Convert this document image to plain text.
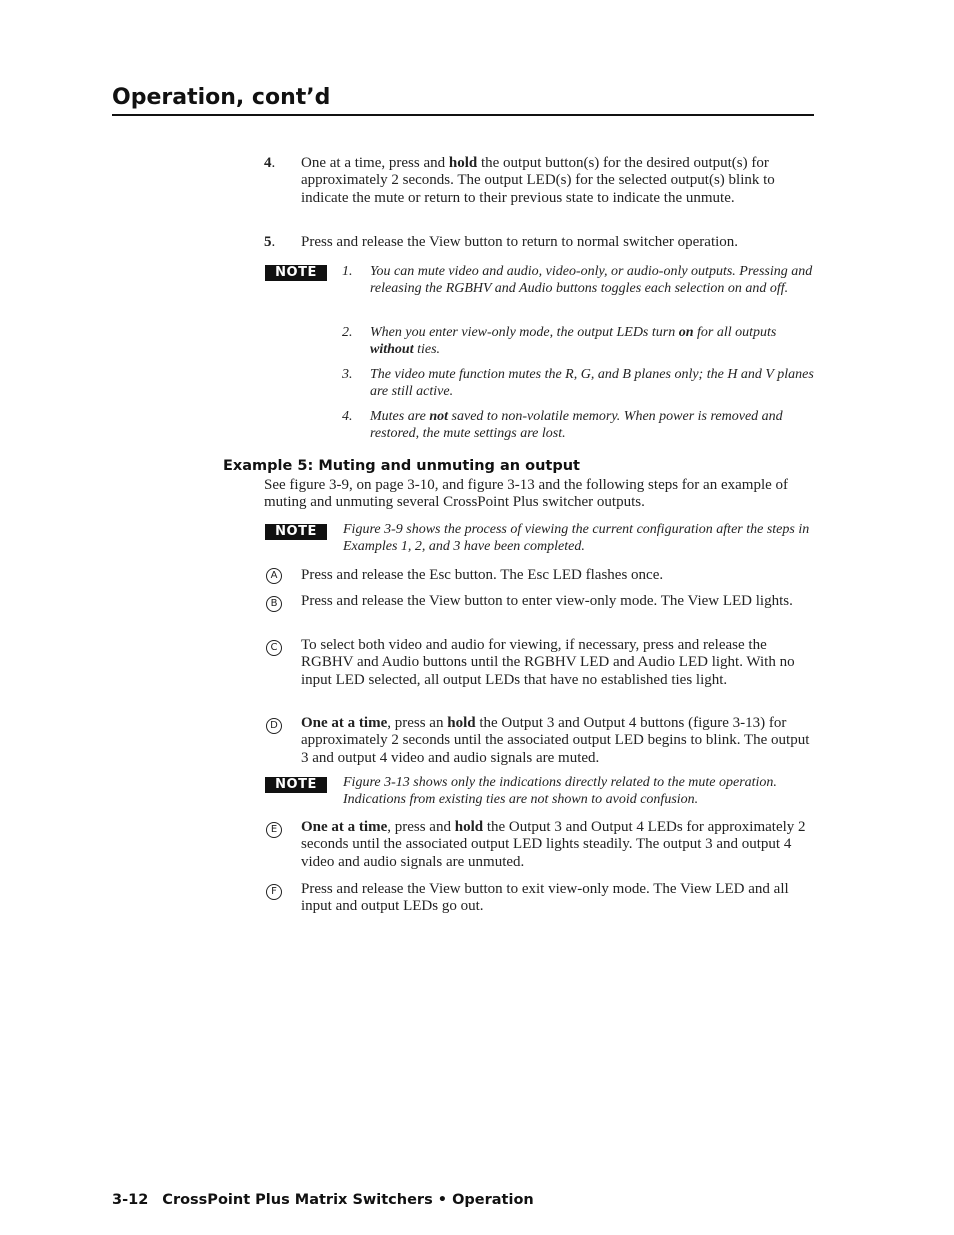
Operation, cont’d
4. One at a time, press and hold the output button(s) for the desired output(s) for approximately 2 seconds. The output LED(s) for the selected output(s) blink to indicate the mute or return to their previous state to indicate the unmute.
5. Press and release the View button to return to normal switcher operation.
NOTE	1. You can mute video and audio, video-only, or audio-only outputs. Pressing and releasing the RGBHV and Audio buttons toggles each selection on and off.
2. When you enter view-only mode, the output LEDs turn on for all outputs without ties.
3. The video mute function mutes the R, G, and B planes only; the H and V planes are still active.
4. Mutes are not saved to non-volatile memory. When power is removed and restored, the mute settings are lost.
Example 5: Muting and unmuting an output
See figure 3-9, on page 3-10, and figure 3-13 and the following steps for an example of muting and unmuting several CrossPoint Plus switcher outputs.
NOTE	Figure 3-9 shows the process of viewing the current configuration after the steps in Examples 1, 2, and 3 have been completed.
A	Press and release the Esc button. The Esc LED flashes once.
B	Press and release the View button to enter view-only mode. The View LED lights.
C	To select both video and audio for viewing, if necessary, press and release the RGBHV and Audio buttons until the RGBHV LED and Audio LED light. With no input LED selected, all output LEDs that have no established ties light.
D One at a time, press an hold the Output 3 and Output 4 buttons (figure 3-13) for approximately 2 seconds until the associated output LED begins to blink. The output 3 and output 4 video and audio signals are muted.
NOTE	Figure 3-13 shows only the indications directly related to the mute operation. Indications from existing ties are not shown to avoid confusion.
E	One at a time, press and hold the Output 3 and Output 4 LEDs for approximately 2 seconds until the associated output LED lights steadily. The output 3 and output 4 video and audio signals are unmuted.
F	Press and release the View button to exit view-only mode. The View LED and all input and output LEDs go out.
3-12 CrossPoint Plus Matrix Switchers • Operation
